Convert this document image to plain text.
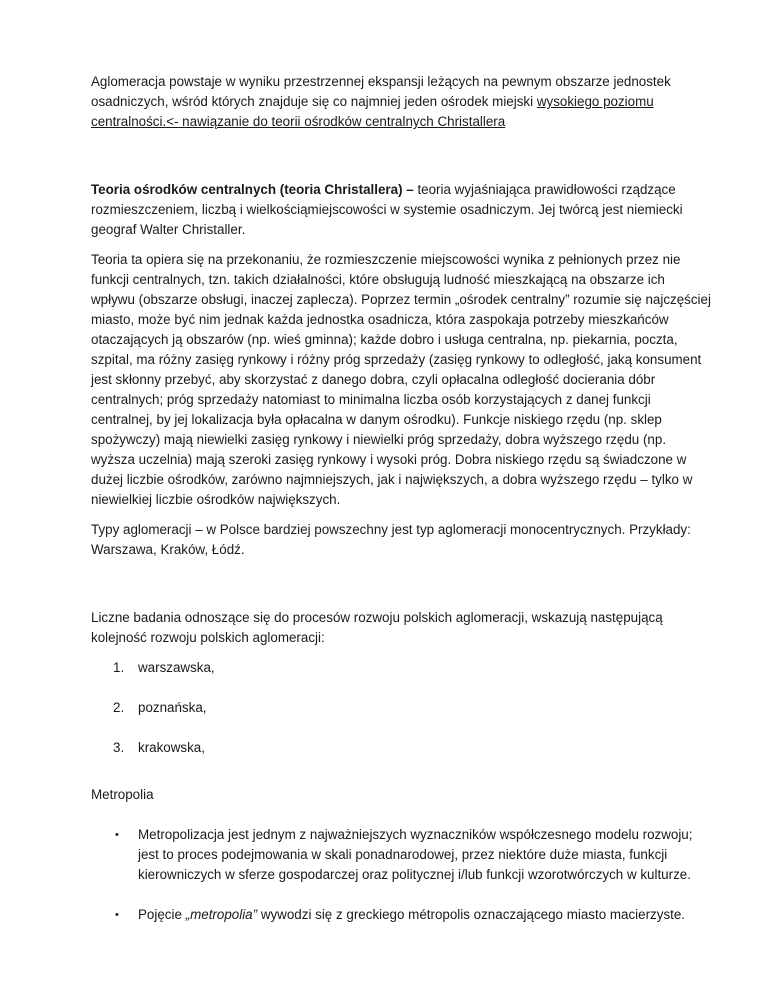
Aglomeracja powstaje w wyniku przestrzennej ekspansji leżących na pewnym obszarze jednostek osadniczych, wśród których znajduje się co najmniej jeden ośrodek miejski wysokiego poziomu centralności.<- nawiązanie do teorii ośrodków centralnych Christallera

Teoria ośrodków centralnych (teoria Christallera) – teoria wyjaśniająca prawidłowości rządzące rozmieszczeniem, liczbą i wielkościąmiejscowości w systemie osadniczym. Jej twórcą jest niemiecki geograf Walter Christaller.

Teoria ta opiera się na przekonaniu, że rozmieszczenie miejscowości wynika z pełnionych przez nie funkcji centralnych, tzn. takich działalności, które obsługują ludność mieszkającą na obszarze ich wpływu (obszarze obsługi, inaczej zaplecza). Poprzez termin „ośrodek centralny” rozumie się najczęściej miasto, może być nim jednak każda jednostka osadnicza, która zaspokaja potrzeby mieszkańców otaczających ją obszarów (np. wieś gminna); każde dobro i usługa centralna, np. piekarnia, poczta, szpital, ma różny zasięg rynkowy i różny próg sprzedaży (zasięg rynkowy to odległość, jaką konsument jest skłonny przebyć, aby skorzystać z danego dobra, czyli opłacalna odległość docierania dóbr centralnych; próg sprzedaży natomiast to minimalna liczba osób korzystających z danej funkcji centralnej, by jej lokalizacja była opłacalna w danym ośrodku). Funkcje niskiego rzędu (np. sklep spożywczy) mają niewielki zasięg rynkowy i niewielki próg sprzedaży, dobra wyższego rzędu (np. wyższa uczelnia) mają szeroki zasięg rynkowy i wysoki próg. Dobra niskiego rzędu są świadczone w dużej liczbie ośrodków, zarówno najmniejszych, jak i największych, a dobra wyższego rzędu – tylko w niewielkiej liczbie ośrodków największych.

Typy aglomeracji – w Polsce bardziej powszechny jest typ aglomeracji monocentrycznych. Przykłady: Warszawa, Kraków, Łódź.

Liczne badania odnoszące się do procesów rozwoju polskich aglomeracji, wskazują następującą kolejność rozwoju polskich aglomeracji:

1. warszawska,
2. poznańska,
3. krakowska,

Metropolia

• Metropolizacja jest jednym z najważniejszych wyznaczników współczesnego modelu rozwoju; jest to proces podejmowania w skali ponadnarodowej, przez niektóre duże miasta, funkcji kierowniczych w sferze gospodarczej oraz politycznej i/lub funkcji wzorotwórczych w kulturze.
• Pojęcie „metropolia” wywodzi się z greckiego métropolis oznaczającego miasto macierzyste.
